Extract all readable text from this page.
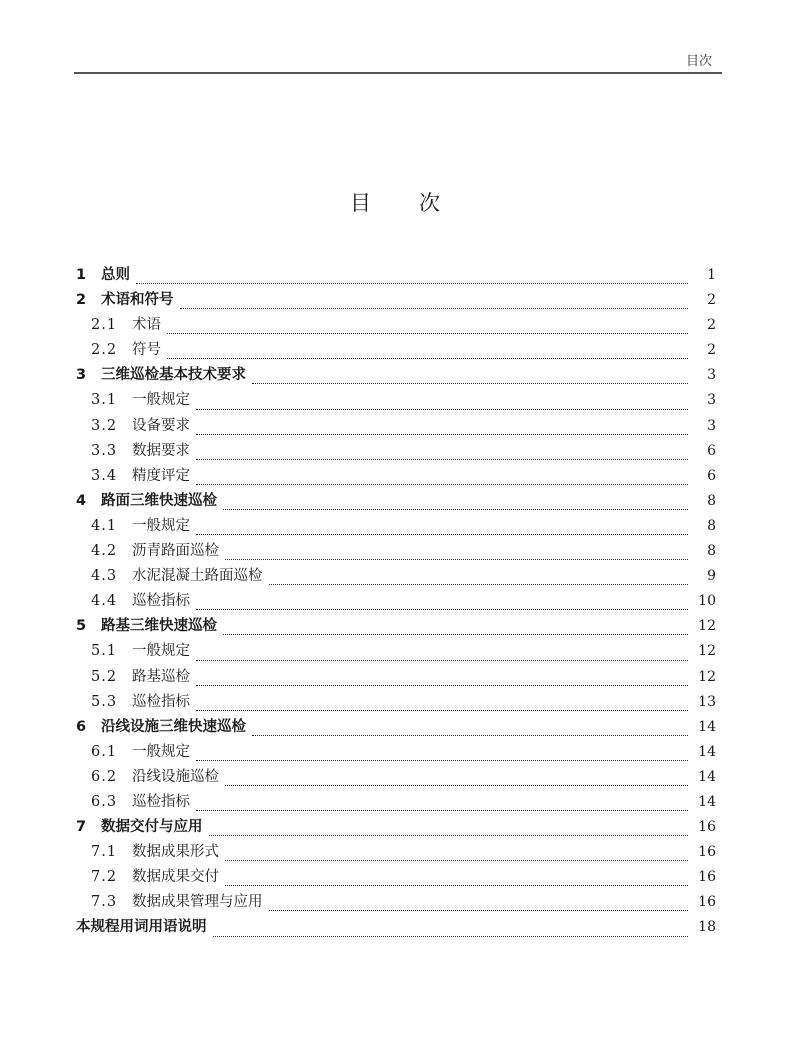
目次
目 次
1	总则	1
2	术语和符号	2
2.1	术语	2
2.2	符号	2
3	三维巡检基本技术要求	3
3.1	一般规定	3
3.2	设备要求	3
3.3	数据要求	6
3.4	精度评定	6
4	路面三维快速巡检	8
4.1	一般规定	8
4.2	沥青路面巡检	8
4.3	水泥混凝土路面巡检	9
4.4	巡检指标	10
5	路基三维快速巡检	12
5.1	一般规定	12
5.2	路基巡检	12
5.3	巡检指标	13
6	沿线设施三维快速巡检	14
6.1	一般规定	14
6.2	沿线设施巡检	14
6.3	巡检指标	14
7	数据交付与应用	16
7.1	数据成果形式	16
7.2	数据成果交付	16
7.3	数据成果管理与应用	16
本规程用词用语说明	18
